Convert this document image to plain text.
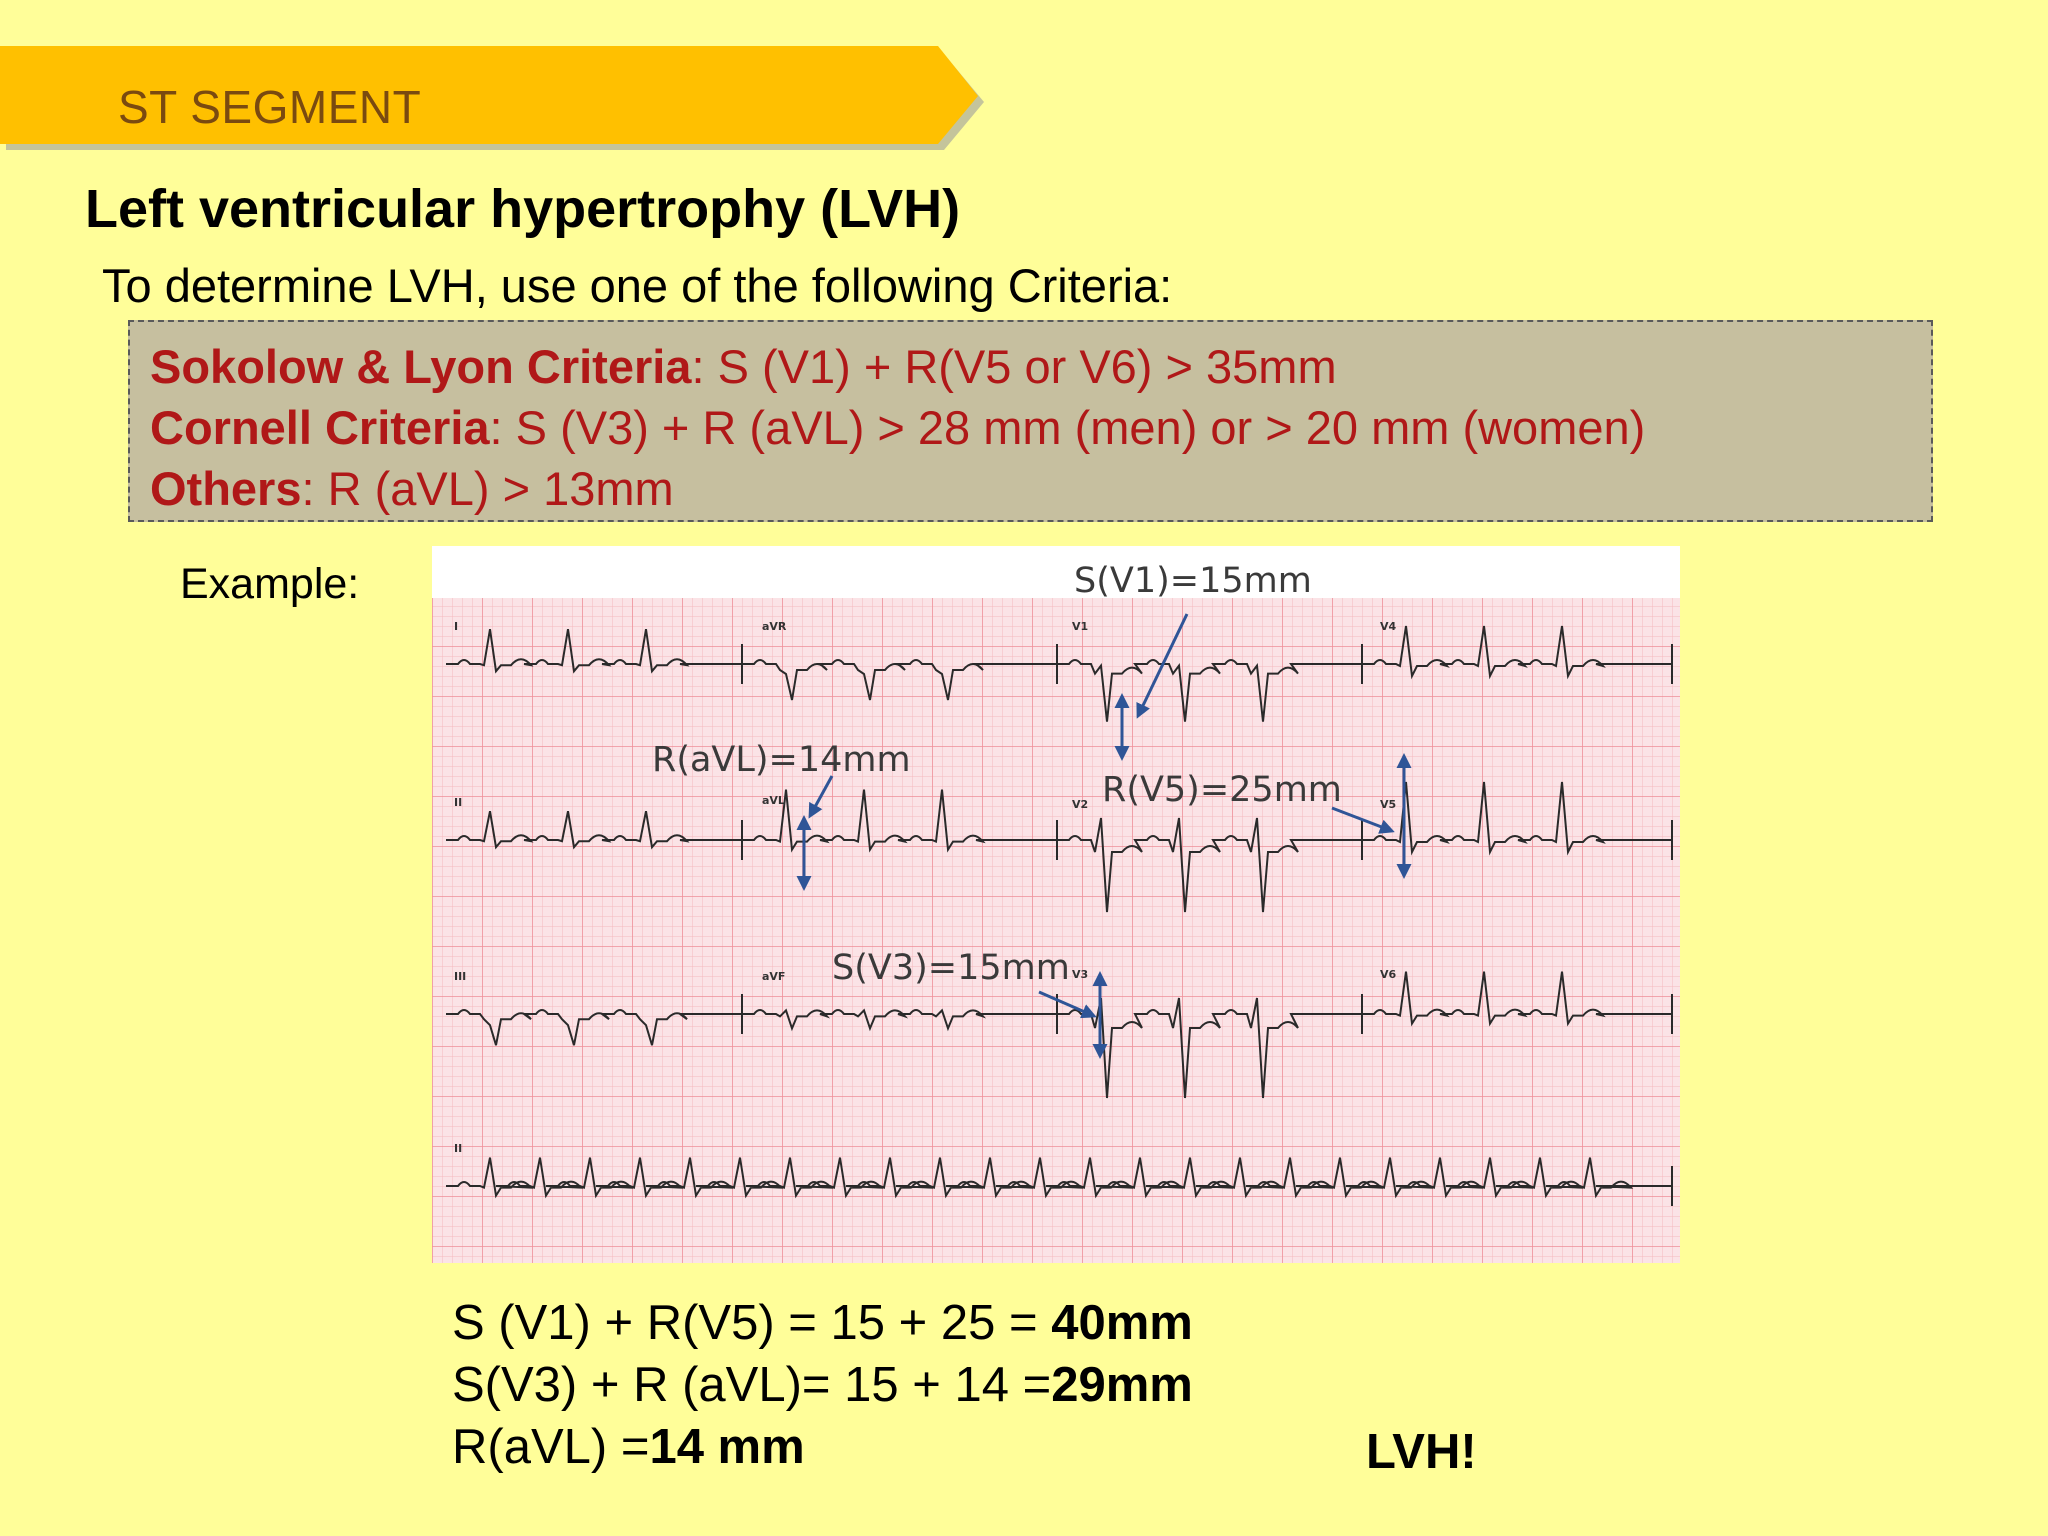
ST SEGMENT
Left ventricular hypertrophy (LVH)
To determine LVH, use one of the following Criteria:
Sokolow & Lyon Criteria: S (V1) + R(V5 or V6) > 35mm
Cornell Criteria: S (V3) + R (aVL) > 28 mm (men) or > 20 mm (women)
Others: R (aVL) > 13mm
Example:
I	aVR	V1	V4
II	aVL	V2	V5
III	aVF	V3	V6
II
S(V1)=15mm
R(aVL)=14mm
R(V5)=25mm
S(V3)=15mm
S (V1) + R(V5) = 15 + 25 = 40mm
S(V3) + R (aVL)= 15 + 14 =29mm
R(aVL) =14 mm	LVH!
